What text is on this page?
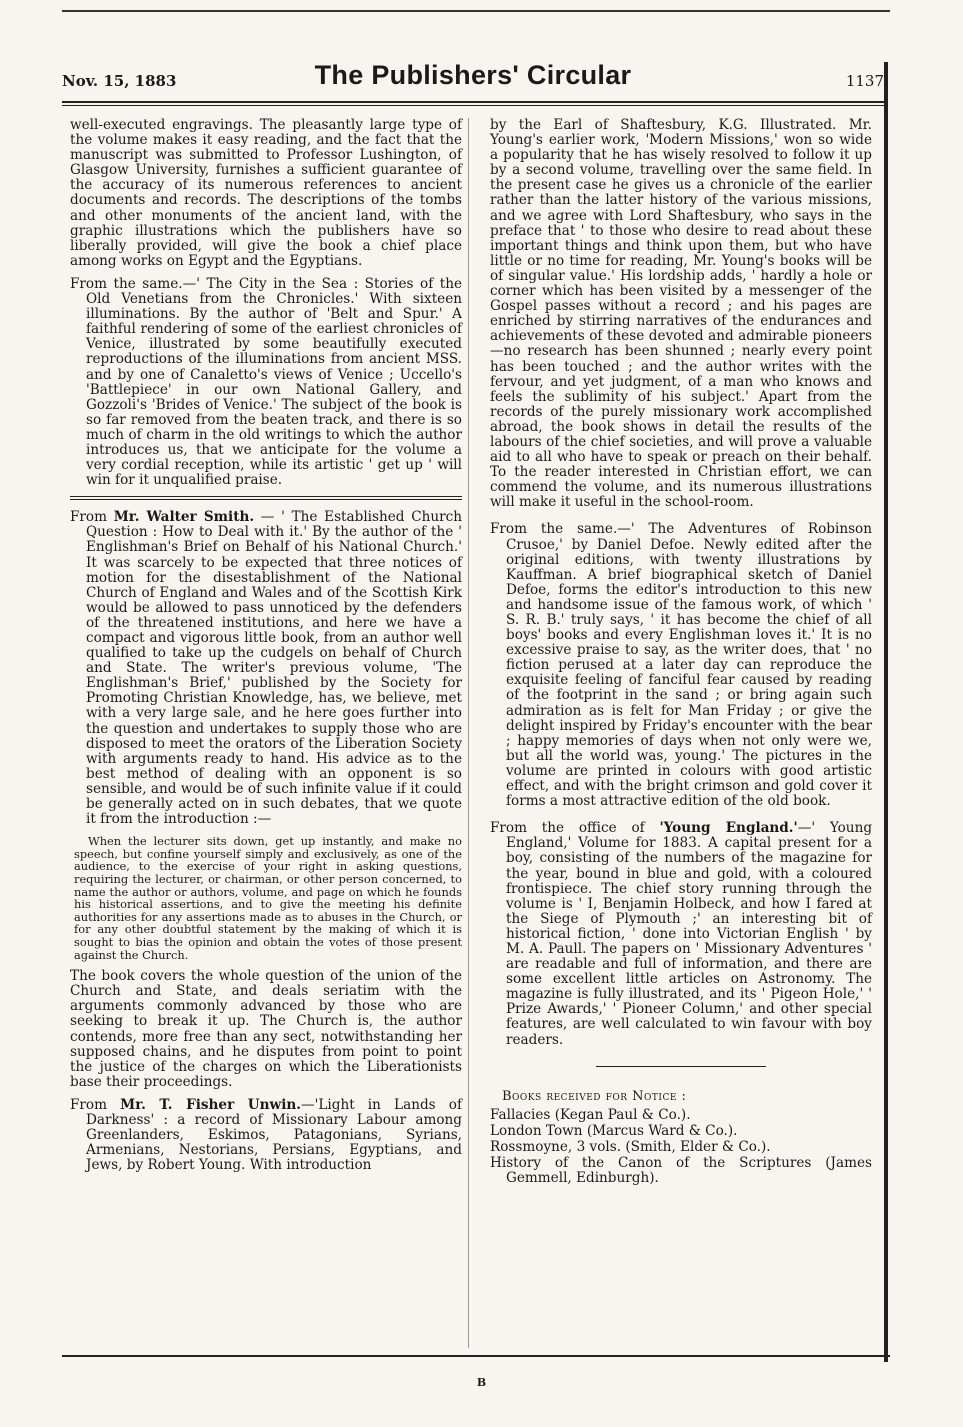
Nov. 15, 1883	The Publishers' Circular	1137

well-executed engravings. The pleasantly large type of the volume makes it easy reading, and the fact that the manuscript was submitted to Professor Lushington, of Glasgow University, furnishes a sufficient guarantee of the accuracy of its numerous references to ancient documents and records. The descriptions of the tombs and other monuments of the ancient land, with the graphic illustrations which the publishers have so liberally provided, will give the book a chief place among works on Egypt and the Egyptians.

From the same.—' The City in the Sea : Stories of the Old Venetians from the Chronicles.' With sixteen illuminations. By the author of 'Belt and Spur.' A faithful rendering of some of the earliest chronicles of Venice, illustrated by some beautifully executed reproductions of the illuminations from ancient MSS. and by one of Canaletto's views of Venice ; Uccello's 'Battlepiece' in our own National Gallery, and Gozzoli's 'Brides of Venice.' The subject of the book is so far removed from the beaten track, and there is so much of charm in the old writings to which the author introduces us, that we anticipate for the volume a very cordial reception, while its artistic ' get up ' will win for it unqualified praise.

From Mr. Walter Smith. — ' The Established Church Question : How to Deal with it.' By the author of the ' Englishman's Brief on Behalf of his National Church.' It was scarcely to be expected that three notices of motion for the disestablishment of the National Church of England and Wales and of the Scottish Kirk would be allowed to pass unnoticed by the defenders of the threatened institutions, and here we have a compact and vigorous little book, from an author well qualified to take up the cudgels on behalf of Church and State. The writer's previous volume, 'The Englishman's Brief,' published by the Society for Promoting Christian Knowledge, has, we believe, met with a very large sale, and he here goes further into the question and undertakes to supply those who are disposed to meet the orators of the Liberation Society with arguments ready to hand. His advice as to the best method of dealing with an opponent is so sensible, and would be of such infinite value if it could be generally acted on in such debates, that we quote it from the introduction :—

When the lecturer sits down, get up instantly, and make no speech, but confine yourself simply and exclusively, as one of the audience, to the exercise of your right in asking questions, requiring the lecturer, or chairman, or other person concerned, to name the author or authors, volume, and page on which he founds his historical assertions, and to give the meeting his definite authorities for any assertions made as to abuses in the Church, or for any other doubtful statement by the making of which it is sought to bias the opinion and obtain the votes of those present against the Church.

The book covers the whole question of the union of the Church and State, and deals seriatim with the arguments commonly advanced by those who are seeking to break it up. The Church is, the author contends, more free than any sect, notwithstanding her supposed chains, and he disputes from point to point the justice of the charges on which the Liberationists base their proceedings.

From Mr. T. Fisher Unwin.—'Light in Lands of Darkness' : a record of Missionary Labour among Greenlanders, Eskimos, Patagonians, Syrians, Armenians, Nestorians, Persians, Egyptians, and Jews, by Robert Young. With introduction

by the Earl of Shaftesbury, K.G. Illustrated. Mr. Young's earlier work, 'Modern Missions,' won so wide a popularity that he has wisely resolved to follow it up by a second volume, travelling over the same field. In the present case he gives us a chronicle of the earlier rather than the latter history of the various missions, and we agree with Lord Shaftesbury, who says in the preface that ' to those who desire to read about these important things and think upon them, but who have little or no time for reading, Mr. Young's books will be of singular value.' His lordship adds, ' hardly a hole or corner which has been visited by a messenger of the Gospel passes without a record ; and his pages are enriched by stirring narratives of the endurances and achievements of these devoted and admirable pioneers—no research has been shunned ; nearly every point has been touched ; and the author writes with the fervour, and yet judgment, of a man who knows and feels the sublimity of his subject.' Apart from the records of the purely missionary work accomplished abroad, the book shows in detail the results of the labours of the chief societies, and will prove a valuable aid to all who have to speak or preach on their behalf. To the reader interested in Christian effort, we can commend the volume, and its numerous illustrations will make it useful in the school-room.

From the same.—' The Adventures of Robinson Crusoe,' by Daniel Defoe. Newly edited after the original editions, with twenty illustrations by Kauffman. A brief biographical sketch of Daniel Defoe, forms the editor's introduction to this new and handsome issue of the famous work, of which ' S. R. B.' truly says, ' it has become the chief of all boys' books and every Englishman loves it.' It is no excessive praise to say, as the writer does, that ' no fiction perused at a later day can reproduce the exquisite feeling of fanciful fear caused by reading of the footprint in the sand ; or bring again such admiration as is felt for Man Friday ; or give the delight inspired by Friday's encounter with the bear ; happy memories of days when not only were we, but all the world was, young.' The pictures in the volume are printed in colours with good artistic effect, and with the bright crimson and gold cover it forms a most attractive edition of the old book.

From the office of 'Young England.'—' Young England,' Volume for 1883. A capital present for a boy, consisting of the numbers of the magazine for the year, bound in blue and gold, with a coloured frontispiece. The chief story running through the volume is ' I, Benjamin Holbeck, and how I fared at the Siege of Plymouth ;' an interesting bit of historical fiction, ' done into Victorian English ' by M. A. Paull. The papers on ' Missionary Adventures ' are readable and full of information, and there are some excellent little articles on Astronomy. The magazine is fully illustrated, and its ' Pigeon Hole,' ' Prize Awards,' ' Pioneer Column,' and other special features, are well calculated to win favour with boy readers.

Books received for Notice :
Fallacies (Kegan Paul & Co.).
London Town (Marcus Ward & Co.).
Rossmoyne, 3 vols. (Smith, Elder & Co.).
History of the Canon of the Scriptures (James Gemmell, Edinburgh).
B
